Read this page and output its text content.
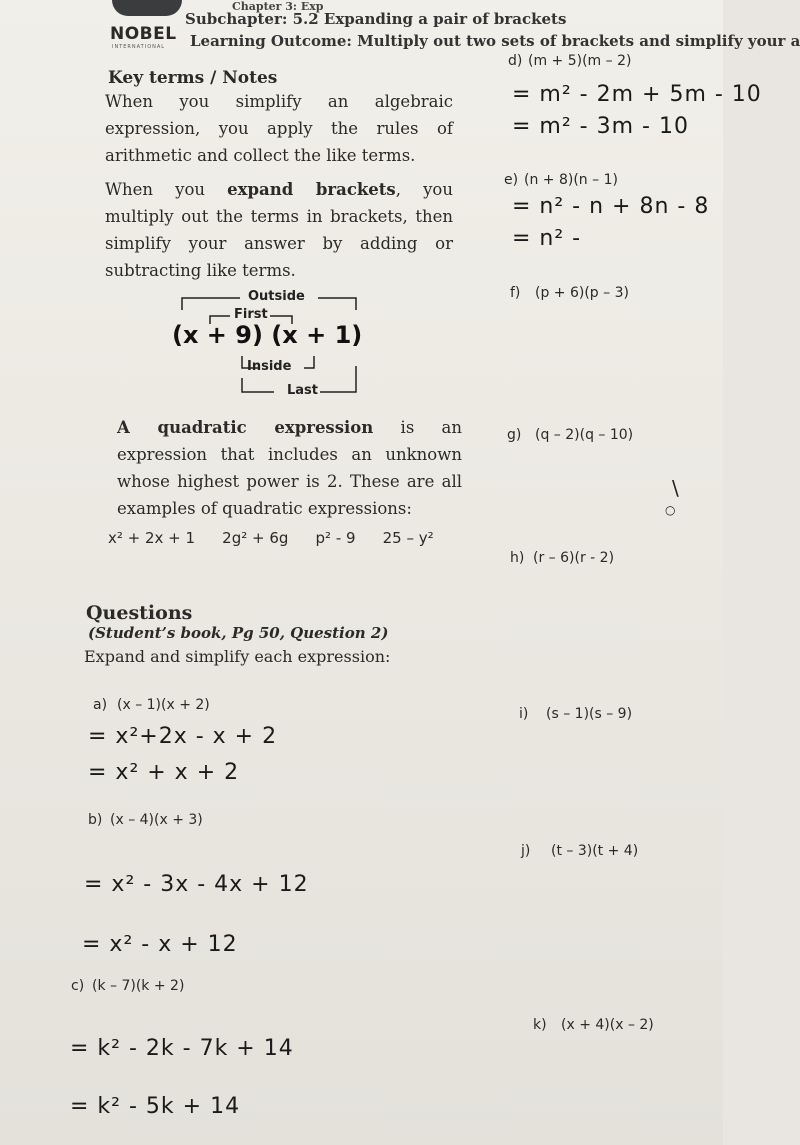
Chapter 3: Exp
NOBEL
INTERNATIONAL
Subchapter: 5.2 Expanding a pair of brackets
Learning Outcome: Multiply out two sets of brackets and simplify your a
Key terms / Notes
When you simplify an algebraic expression, you apply the rules of arithmetic and collect the like terms.
When you expand brackets, you multiply out the terms in brackets, then simplify your answer by adding or subtracting like terms.
Outside
First
(x + 9) (x + 1)
Inside
Last
A quadratic expression is an expression that includes an unknown whose highest power is 2. These are all examples of quadratic expressions:
x² + 2x + 1 2g² + 6g p² - 9 25 – y²
Questions
(Student’s book, Pg 50, Question 2)
Expand and simplify each expression:
a) (x – 1)(x + 2)
= x²+2x - x + 2
= x² + x + 2
b) (x – 4)(x + 3)
= x² - 3x - 4x + 12
= x² - x + 12
c) (k – 7)(k + 2)
= k² - 2k - 7k + 14
= k² - 5k + 14
d) (m + 5)(m – 2)
= m² - 2m + 5m - 10
= m² - 3m - 10
e) (n + 8)(n – 1)
= n² - n + 8n - 8
= n² -
f) (p + 6)(p – 3)
g) (q – 2)(q – 10)
\
○
h) (r – 6)(r - 2)
i) (s – 1)(s – 9)
j) (t – 3)(t + 4)
k) (x + 4)(x – 2)
